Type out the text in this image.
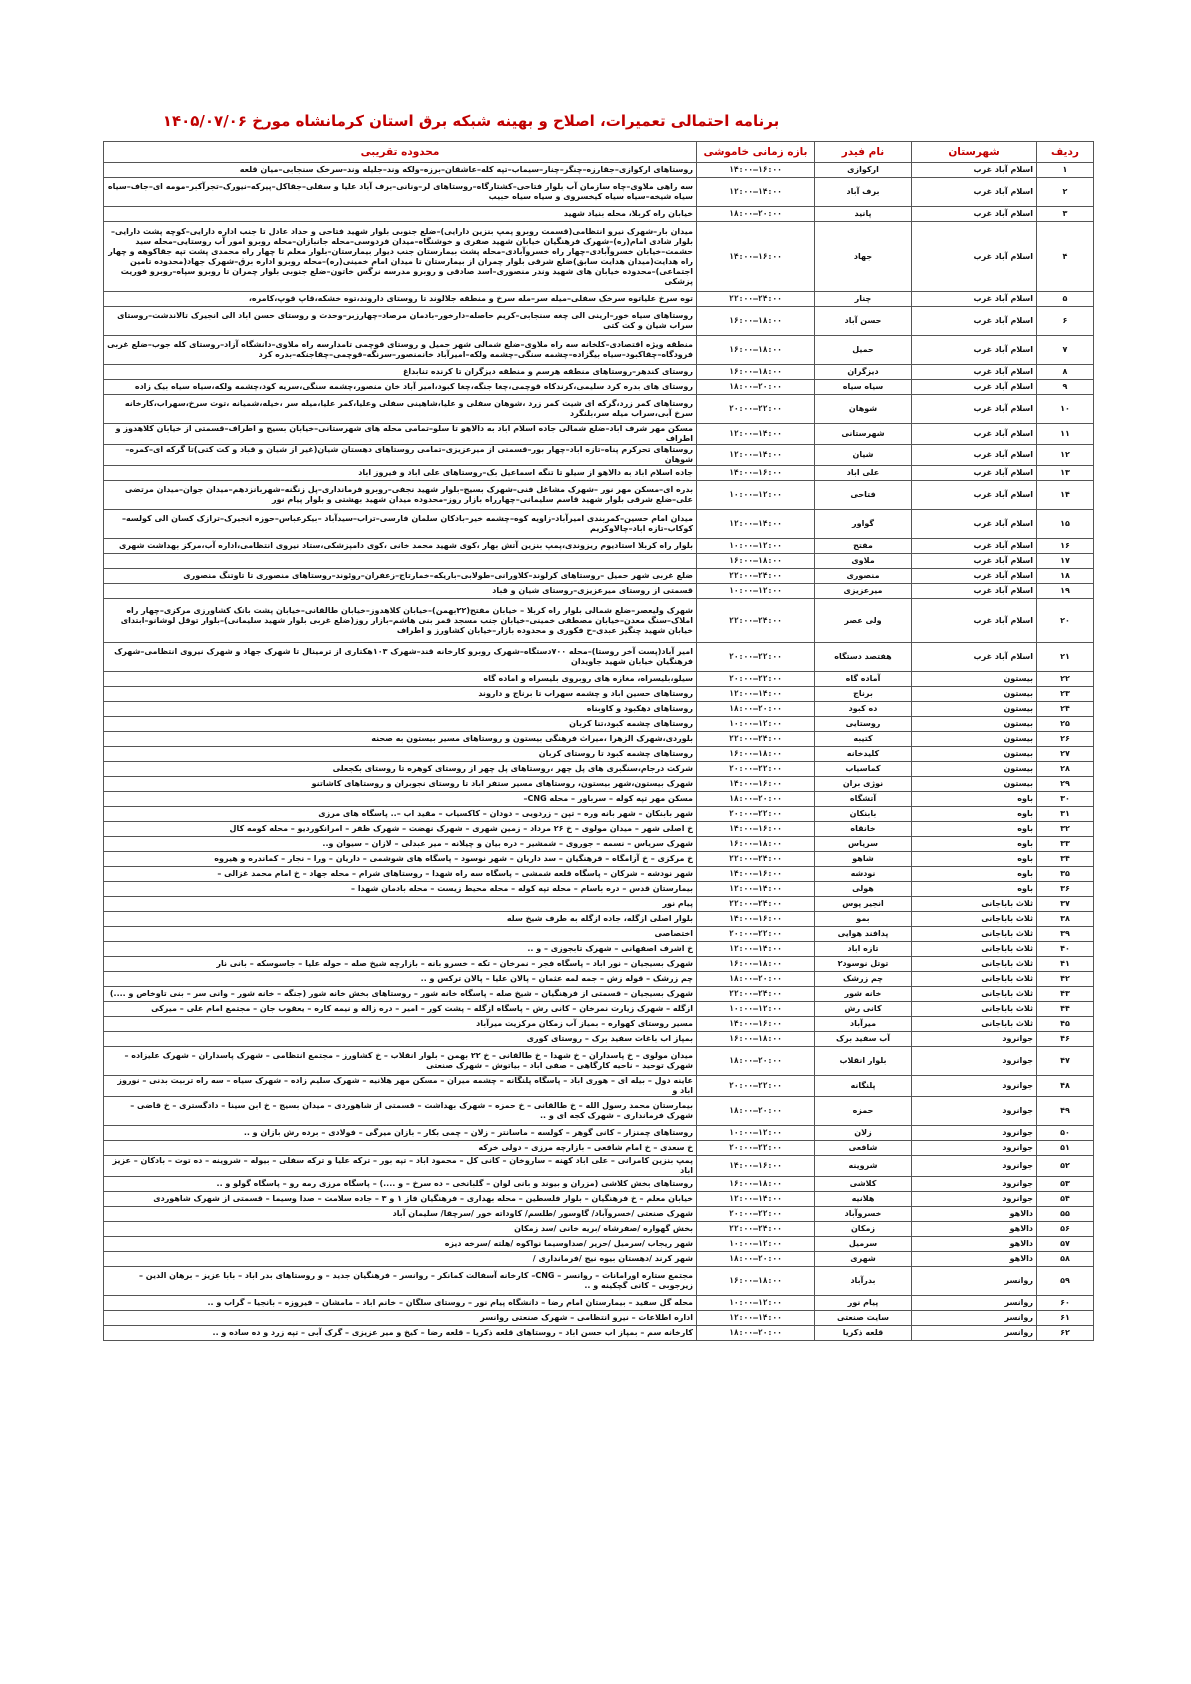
برنامه احتمالی تعمیرات، اصلاح و بهینه شبکه برق استان کرمانشاه مورخ ۱۴۰۵/۰۷/۰۶
ردیف	شهرستان	نام فیدر	بازه زمانی خاموشی	محدوده تقریبی
۱	اسلام آباد غرب	ارکوازی	۱۴:۰۰–۱۶:۰۰	روستاهای ارکوازی–جقارزه–چنگر–چنار–سیماب–تپه کله–عاشقان–برزه–ولکه وند–جلیله وند–سرخک سنجابی–میان قلعه
۲	اسلام آباد غرب	برف آباد	۱۲:۰۰–۱۴:۰۰	سه راهی ملاوی–چاه سازمان آب بلوار فتاحی–کشتارگاه–روستاهای لر–ونانی–برف آباد علیا و سفلی–جقاکل–پیرکه–نیورک–تجرآکبر–مومه ای–جاف–سیاه سیاه شیخه–سیاه سیاه کیخسروی و سیاه سیاه حبیب
۳	اسلام آباد غرب	پانید	۱۸:۰۰–۲۰:۰۰	خیابان راه کربلا، محله بنیاد شهید
۴	اسلام آباد غرب	جهاد	۱۴:۰۰–۱۶:۰۰	میدان بار–شهرک نیرو انتظامی(قسمت روبرو پمپ بنزین دارایی)–ضلع جنوبی بلوار شهید فتاحی و حداد عادل تا جنب اداره دارایی–کوچه پشت دارایی–بلوار شادی امام(ره)–شهرک فرهنگیان خیابان شهید صفری و خوشنگاه–میدان فردوسی–محله جانبازان–محله روبرو امور آب روستایی–محله سید حشمت–خیابان خسروآبادی–چهار راه خسروآبادی–محله پشت بیمارستان جنب دیوار بیمارستان–بلوار معلم تا چهار راه محمدی پشت تپه جقاکوهه و چهار راه هدایت(میدان هدایت سابق)ضلع شرقی بلوار چمران از بیمارستان تا میدان امام خمینی(ره)–محله روبرو اداره برق–شهرک جهاد(محدوده تامین اجتماعی)–محدوده خیابان های شهید وندر منصوری–اسد صادقی و روبرو مدرسه نرگس خاتون–ضلع جنوبی بلوار چمران تا روبرو سپاه–روبرو فوریت پزشکی
۵	اسلام آباد غرب	چنار	۲۲:۰۰–۲۴:۰۰	توه سرخ علیاتوه سرخک سفلی–میله سر–مله سرخ و منطقه جلالوند تا روستای داروند،توه خشکه،قاپ قوپ،کامره،
۶	اسلام آباد غرب	حسن آباد	۱۶:۰۰–۱۸:۰۰	روستاهای سیاه خور–ارینی الی چغه سنجابی–کریم حاصله–دارخور–بادمان مرصاد–چهارزبر–وحدت و روستای حسن اباد الی انجیرک تالاندشت–روستای سراب شیان و کت کتی
۷	اسلام آباد غرب	حمیل	۱۶:۰۰–۱۸:۰۰	منطقه ویژه اقتصادی–کلخانه سه راه ملاوی–ضلع شمالی شهر حمیل و روستای قوچمی تامدارسه راه ملاوی–دانشگاه آزاد–روستای کله جوب–ضلع غربی فرودگاه–چقاکبود–سیاه بیگزاده–چشمه سنگی–چشمه ولکه–امیرآباد خانمنصور–سرنگه–قوچمی–چقاجنکه–بدره کرد
۸	اسلام آباد غرب	دیزگران	۱۶:۰۰–۱۸:۰۰	روستای کندهر–روستاهای منطقه هرسم و منطقه دیزگران تا کرنده تنابداغ
۹	اسلام آباد غرب	سیاه سیاه	۱۸:۰۰–۲۰:۰۰	روستای های بدره کرد سلیمی،کرندکاه قوچمی،چغا جنگه،چغا کبود،امیر آباد خان منصور،چشمه سنگی،سریه کود،چشمه ولکه،سیاه سیاه بیک زاده
۱۰	اسلام آباد غرب	شوهان	۲۰:۰۰–۲۲:۰۰	روستاهای کمر زرد،گرکه ای شیت کمر زرد ،شوهان سفلی و علیا،شاهینی سفلی وعلیا،کمر علیا،میله سر ،خیله،شمیانه ،توت سرخ،سهراب،کارخانه سرخ آبی،سراب میله سر،بلنگرد
۱۱	اسلام آباد غرب	شهرستانی	۱۲:۰۰–۱۴:۰۰	مسکن مهر شرف اباد–ضلع شمالی جاده اسلام اباد به دالاهو تا سلو–تمامی محله های شهرستانی–خیابان بسیج و اطراف–قسمتی از خیابان کلاهدوز و اطراف
۱۲	اسلام آباد غرب	شیان	۱۲:۰۰–۱۴:۰۰	روستاهای تحرکرم پناه–تازه اباد–چهار بور–قسمتی از میرعزیزی–تمامی روستاهای دهستان شیان(غیر از شیان و قباد و کت کتی)تا گرکه ای–کمره–شوهان
۱۳	اسلام آباد غرب	علی اباد	۱۴:۰۰–۱۶:۰۰	جاده اسلام اباد به دالاهو از سیلو تا تنگه اسماعیل بک–روستاهای علی اباد و فیروز اباد
۱۴	اسلام آباد غرب	فتاحی	۱۰:۰۰–۱۲:۰۰	بدره ای–مسکن مهر نور –شهرک مشاغل فنی–شهرک بسیج–بلوار شهید نجفی–روبرو فرمانداری–پل زنگنه–شهربانزدهم–میدان جوان–میدان مرتضی علی–ضلع شرقی بلوار شهید قاسم سلیمانی–چهارراه بازار روز–محدوده میدان شهید بهشتی و بلوار پیام نور
۱۵	اسلام آباد غرب	گواور	۱۲:۰۰–۱۴:۰۰	میدان امام حسین–کمربندی امیرآباد–زاویه کوه–چشمه خیر–بادکان سلمان فارسی–تراب–سیدآباد –بیکرعباس–حوزه انجیرک–ترازک کسان الی کولسه–کوکاب–تازه اباد–چالاوکریم
۱۶	اسلام آباد غرب	مفتح	۱۰:۰۰–۱۲:۰۰	بلوار راه کربلا استادیوم ریزوندی،پمپ بنزین آتش بهار ،کوی شهید محمد خانی ،کوی دامپزشکی،ستاد نیروی انتظامی،اداره آب،مرکز بهداشت شهری
۱۷	اسلام آباد غرب	ملاوی	۱۶:۰۰–۱۸:۰۰	
۱۸	اسلام آباد غرب	منصوری	۲۲:۰۰–۲۴:۰۰	ضلع غربی شهر حمیل –روستاهای کرلوند–کلاورانی–طولابی–باریکه–خمارتاج–زعفران–روئوند–روستاهای منصوری تا تاوتنگ منصوری
۱۹	اسلام آباد غرب	میرعزیزی	۱۰:۰۰–۱۲:۰۰	قسمتی از روستای میرعزیزی–روستای شیان و قباد
۲۰	اسلام آباد غرب	ولی عصر	۲۲:۰۰–۲۴:۰۰	شهرک ولیعصر–ضلع شمالی بلوار راه کربلا – خیابان مفتح(۲۲بهمن)–خیابان کلاهدوز–خیابان طالقانی–خیابان پشت بانک کشاورزی مرکزی–چهار راه املاک–سنگ معدن–خیابان مصطفی خمینی–خیابان جنب مسجد قمر بنی هاشم–بازار روز(ضلع غربی بلوار شهید سلیمانی)–بلوار توقل لوشانو–ابتدای خیابان شهید چنگیز عبدی–ح فکوری و محدوده بازار–خیابان کشاورز و اطراف
۲۱	اسلام آباد غرب	هفتصد دستگاه	۲۰:۰۰–۲۲:۰۰	امیر آباد(پست آخر روستا)–محله ۷۰۰دستگاه–شهرک روبرو کارخانه قند–شهرک ۱۰۳هکتاری از ترمینال تا شهرک جهاد و شهرک نیروی انتظامی–شهرک فرهنگیان خیابان شهید جاویدان
۲۲	بیستون	آماده گاه	۲۰:۰۰–۲۲:۰۰	سیلو،بلیسراه، مغازه های روبروی بلیسراه و اماده گاه
۲۳	بیستون	برناج	۱۲:۰۰–۱۴:۰۰	روستاهای حسین اباد و چشمه سهراب تا برناج و داروند
۲۴	بیستون	ده کبود	۱۸:۰۰–۲۰:۰۰	روستاهای دهکبود و کاوبناه
۲۵	بیستون	روستایی	۱۰:۰۰–۱۲:۰۰	روستاهای چشمه کبود،تنا کربان
۲۶	بیستون	کتیبه	۲۲:۰۰–۲۴:۰۰	بلوردی،شهرک الزهرا ،میراث فرهنگی بیستون و روستاهای مسیر بیستون به صحنه
۲۷	بیستون	کلیدخانه	۱۶:۰۰–۱۸:۰۰	روستاهای چشمه کبود تا روستای کربان
۲۸	بیستون	کماسیاب	۲۰:۰۰–۲۲:۰۰	شرکت درجام،سنگبری های پل چهر ،روستاهای پل چهر از روستای کوهره تا روستای بکجعلی
۲۹	بیستون	نوژی بران	۱۴:۰۰–۱۶:۰۰	شهرک بیستون،شهر بیستون، روستاهای مسیر ستفر اباد تا روستای نجوبران و روستاهای کاشاتنو
۳۰	باوه	آتشگاه	۱۸:۰۰–۲۰:۰۰	مسکن مهر تپه کوله – سرباور – محله CNG–
۳۱	باوه	بابنکان	۲۰:۰۰–۲۲:۰۰	شهر بابنکان – شهر بانه وره – تپن – زردویی – دودان – کاکسیاب – مقید اب –.. پاسگاه های مرزی
۳۲	باوه	خانقاه	۱۴:۰۰–۱۶:۰۰	خ اصلی شهر – میدان مولوی – خ ۲۶ مرداد – زمین شهری – شهرک نهضت – شهرک ظفر – امرانکوردیو – محله کومه کال
۳۳	باوه	سریاس	۱۶:۰۰–۱۸:۰۰	شهرک سریاس – نسمه – جوروی – شمشیر – دره بیان و چیلانه – میر عبدلی – لازان – سیوان و..
۳۴	باوه	شاهو	۲۲:۰۰–۲۴:۰۰	خ مرکزی – خ آزامگاه – فرهنگیان – سد داریان – شهر نوسود – پاسگاه های شوشمی – داریان – ورا – نجار – کماندره و هیروه
۳۵	باوه	نودشه	۱۴:۰۰–۱۶:۰۰	شهر نودشه – شرکان – پاسگاه قلعه شمشی – پاسگاه سه راه شهدا – روستاهای شرام – محله جهاد – خ امام محمد غزالی –
۳۶	باوه	هولی	۱۲:۰۰–۱۴:۰۰	بیمارستان قدس – دره باسام – محله تپه کوله – محله محیط زیست – محله بادمان شهدا –
۳۷	ثلاث باباجانی	انجیر پوس	۲۲:۰۰–۲۴:۰۰	پیام نور
۳۸	ثلاث باباجانی	بمو	۱۴:۰۰–۱۶:۰۰	بلوار اصلی ازگله، جاده ازگله به طرف شیخ سله
۳۹	ثلاث باباجانی	پدافند هوایی	۲۰:۰۰–۲۲:۰۰	اختصاصی
۴۰	ثلاث باباجانی	تازه اباد	۱۲:۰۰–۱۴:۰۰	خ اشرف اصفهانی – شهرک تابجوزی – و ..
۴۱	ثلاث باباجانی	توتل نوسود۲	۱۶:۰۰–۱۸:۰۰	شهرک بسیجیان – نور اباد – پاسگاه فجر – نمرخان – تکه – خسرو بانه – بازارچه شیخ صله – حوله علیا – جاسوسکه – بانی نار
۴۲	ثلاث باباجانی	چم زرشک	۱۸:۰۰–۲۰:۰۰	چم زرشک – قوله زش – جمه لمه عثمان – پالان علیا – پالان ترکس و ..
۴۳	ثلاث باباجانی	خانه شور	۲۲:۰۰–۲۴:۰۰	شهرک بسیجیان – قسمتی از فرهنگیان – شیخ صله – پاسگاه خانه شور – روستاهای بخش خانه شور (جنگه – خانه شور – وانی سر – بنی تاوخاص و ....)
۴۴	ثلاث باباجانی	کانی رش	۱۰:۰۰–۱۲:۰۰	ازگله – شهرک زیارت نمرخان – کانی رش – پاسگاه ازگله – پشت کور – امیر – دره زاله و نیمه کاره – یعقوب جان – مجتمع امام علی – میرکی
۴۵	ثلاث باباجانی	میرآباد	۱۴:۰۰–۱۶:۰۰	مسیر روستای کهواره – بمیاز آب زمکان مرکزیت میرآباد
۴۶	جوانرود	آب سفید برک	۱۶:۰۰–۱۸:۰۰	بمپاز اب باغات سفید برک – روستای کوری
۴۷	جوانرود	بلوار انقلاب	۱۸:۰۰–۲۰:۰۰	میدان مولوی – خ پاسداران – خ شهدا – خ طالقانی – خ ۲۲ بهمن – بلوار انقلاب – خ کشاورز – مجتمع انتظامی – شهرک پاسداران – شهرک علیزاده – شهرک توحید – ناحیه کارگاهی – صفی اباد – بیاتوش – شهرک صنعتی
۴۸	جوانرود	پلنگانه	۲۰:۰۰–۲۲:۰۰	عاینه دول – بیله ای – هوری اباد – پاسگاه پلنگانه – چشمه میران – مسکن مهر هلانیه – شهرک سلیم زاده – شهرک سیاه – سه راه تربیت بدنی – نوروز اباد و
۴۹	جوانرود	حمزه	۱۸:۰۰–۲۰:۰۰	بیمارستان محمد رسول الله – خ طالقانی – خ حمزه – شهرک بهداشت – قسمتی از شاهوردی – میدان بسیج – خ ابن سینا – دادگستری – خ قاضی – شهرک فرمانداری – شهرک کجه ای و ..
۵۰	جوانرود	زلان	۱۰:۰۰–۱۲:۰۰	روستاهای چمنزار – کانی گوهر – کولسه – ماسانتر – زلان – چمی بکار – بازان میرگی – فولادی – برده رش بازان و ..
۵۱	جوانرود	شافعی	۲۰:۰۰–۲۲:۰۰	خ سعدی – خ امام شافعی – بازارچه مرزی – دولی خرکه
۵۲	جوانرود	شروینه	۱۴:۰۰–۱۶:۰۰	پمپ بنزین کامرانی – علی اباد کهنه – ساروخان – کانی کل – محمود اباد – تپه بور – ترکه علیا و ترکه سفلی – بیوله – شروینه – ده توت – بادکان – عزیز اباد
۵۳	جوانرود	کلاشی	۱۶:۰۰–۱۸:۰۰	روستاهای بخش کلاشی (مزران و بیوند و بانی لوان – گلبانخی – ده سرخ – و ....) – پاسگاه مرزی رمه رو – پاسگاه گولو و ..
۵۴	جوانرود	هلانیه	۱۲:۰۰–۱۴:۰۰	خیابان معلم – خ فرهنگیان – بلوار فلسطین – محله بهداری – فرهنگیان فاز ۱ و ۳ – جاده سلامت – صدا وسیما – قسمتی از شهرک شاهوردی
۵۵	دالاهو	خسروآباد	۲۰:۰۰–۲۲:۰۰	شهرک صنعتی /خسروآباد/ گاوسور /طلسم/ کاوداته خور /سرچقا/ سلیمان آباد
۵۶	دالاهو	زمکان	۲۲:۰۰–۲۴:۰۰	بخش گهواره /صفرشاه /بریه خانی /سد زمکان
۵۷	دالاهو	سرمیل	۱۰:۰۰–۱۲:۰۰	شهر ریجاب /سرمیل /حریر /صداوسیما نواکوه /هلته /سرخه دیزه
۵۸	دالاهو	شهری	۱۸:۰۰–۲۰:۰۰	شهر کرند /دهستان بیوه نیج /فرمانداری /
۵۹	روانسر	بدرآباد	۱۶:۰۰–۱۸:۰۰	مجتمع ستاره اورامانات – روانسر – CNG– کارخانه آسفالت کمانکر – روانسر – فرهنگیان جدید – و روستاهای بدر اباد – بابا عزیز – برهان الدین – زیرجوبی – کانی گچکینه و ..
۶۰	روانسر	پیام نور	۱۰:۰۰–۱۲:۰۰	محله گل سفید – بیمارستان امام رضا – دانشگاه پیام نور – روستای سلگان – خانم اباد – مامشان – فیروزه – بانجیا – گراب و ..
۶۱	روانسر	سایت صنعتی	۱۲:۰۰–۱۴:۰۰	اداره اطلاعات – نیرو انتظامی – شهرک صنعتی روانسر
۶۲	روانسر	قلعه ذکریا	۱۸:۰۰–۲۰:۰۰	کارخانه سم – بمپاز اب حسن اباد – روستاهای قلعه ذکریا – قلعه رضا – کیخ و میر عزیزی – گرک آبی – تپه زرد و ده ساده و ..
